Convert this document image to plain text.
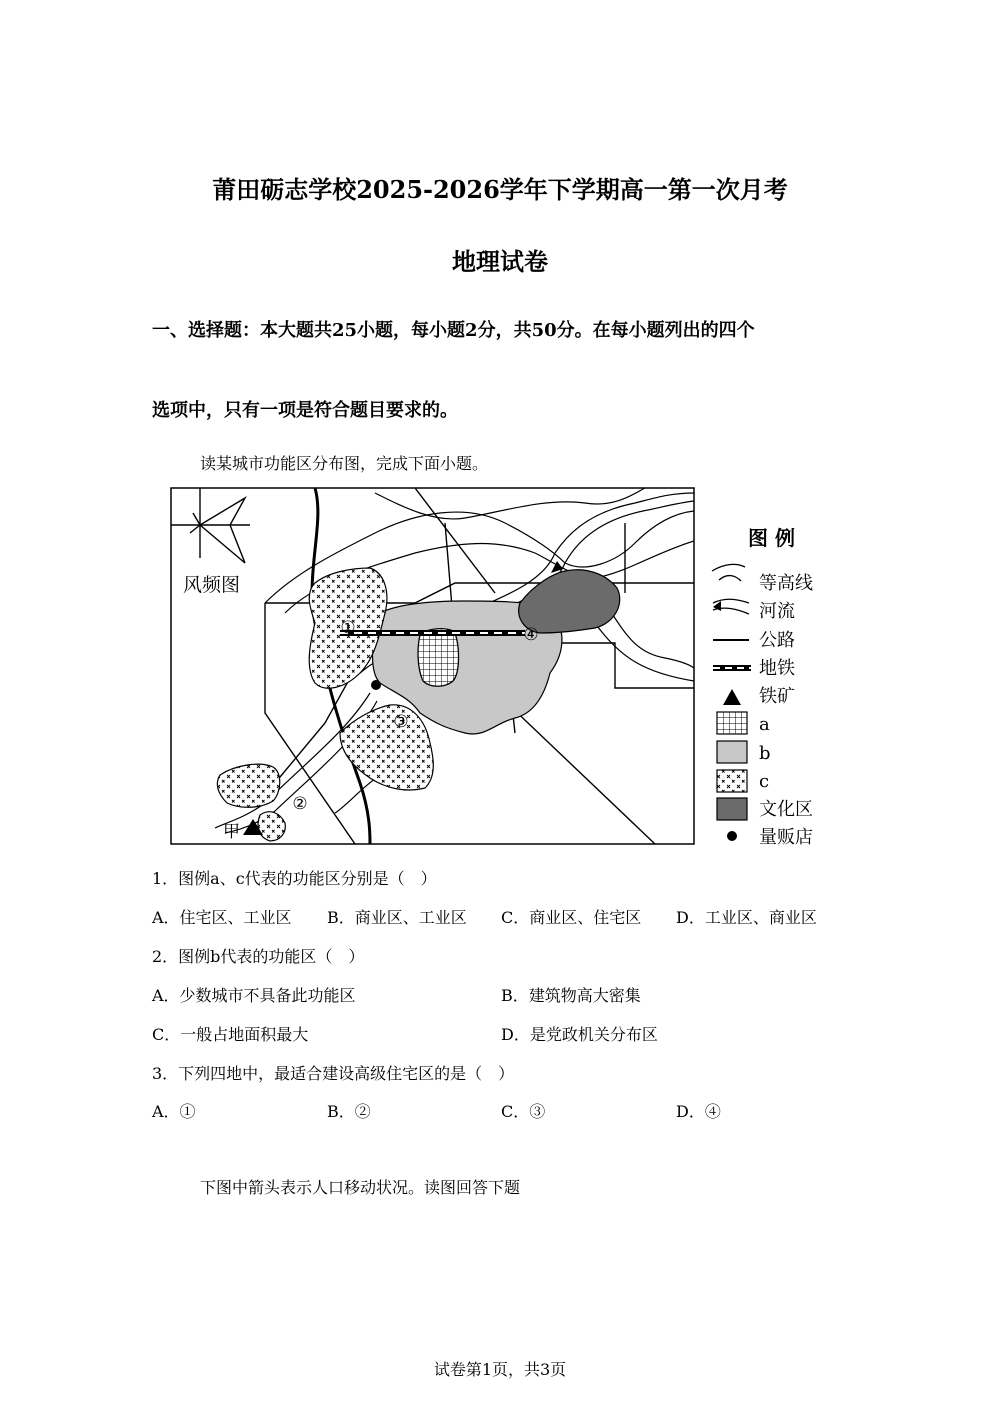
莆田砺志学校2025-2026学年下学期高一第一次月考
地理试卷
一、选择题：本大题共25小题，每小题2分，共50分。在每小题列出的四个
选项中，只有一项是符合题目要求的。
读某城市功能区分布图，完成下面小题。
风频图
①
②
③
④
甲
图 例
等高线
河流
公路
地铁
铁矿
a
b
c
文化区
量贩店
1．图例a、c代表的功能区分别是（　）
A．住宅区、工业区 B．商业区、工业区 C．商业区、住宅区 D．工业区、商业区
2．图例b代表的功能区（　）
A．少数城市不具备此功能区	B．建筑物高大密集
C．一般占地面积最大	D．是党政机关分布区
3．下列四地中，最适合建设高级住宅区的是（　）
A．①	B．②	C．③	D．④
下图中箭头表示人口移动状况。读图回答下题
试卷第1页，共3页
